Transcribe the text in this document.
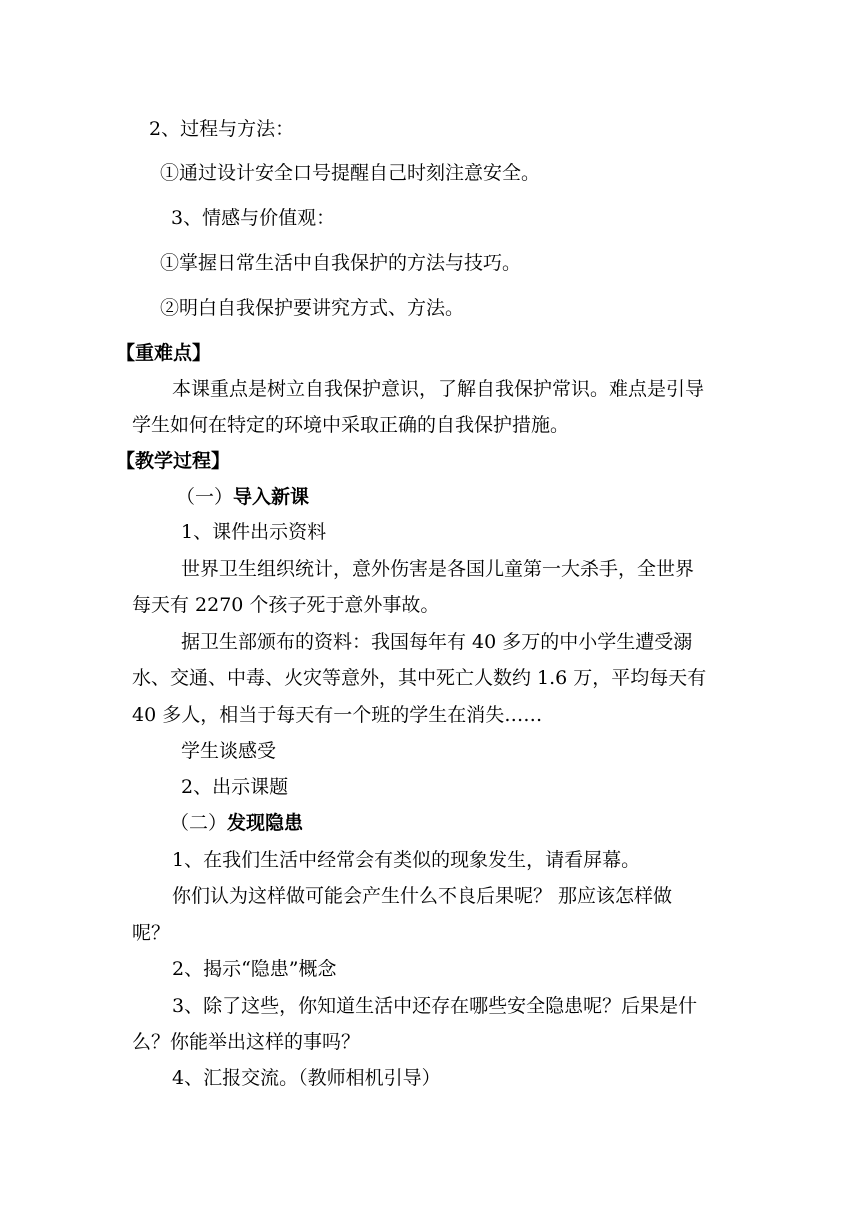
2、过程与方法：
①通过设计安全口号提醒自己时刻注意安全。
3、情感与价值观：
①掌握日常生活中自我保护的方法与技巧。
②明白自我保护要讲究方式、方法。
【重难点】
本课重点是树立自我保护意识，了解自我保护常识。难点是引导
学生如何在特定的环境中采取正确的自我保护措施。
【教学过程】
（一）导入新课
1、课件出示资料
世界卫生组织统计，意外伤害是各国儿童第一大杀手，全世界
每天有 2270 个孩子死于意外事故。
据卫生部颁布的资料：我国每年有 40 多万的中小学生遭受溺
水、交通、中毒、火灾等意外，其中死亡人数约 1.6 万，平均每天有
40 多人，相当于每天有一个班的学生在消失……
学生谈感受
2、出示课题
（二）发现隐患
1、在我们生活中经常会有类似的现象发生，请看屏幕。
你们认为这样做可能会产生什么不良后果呢？ 那应该怎样做
呢？
2、揭示“隐患”概念
3、除了这些，你知道生活中还存在哪些安全隐患呢？后果是什
么？你能举出这样的事吗？
4、汇报交流。（教师相机引导）
